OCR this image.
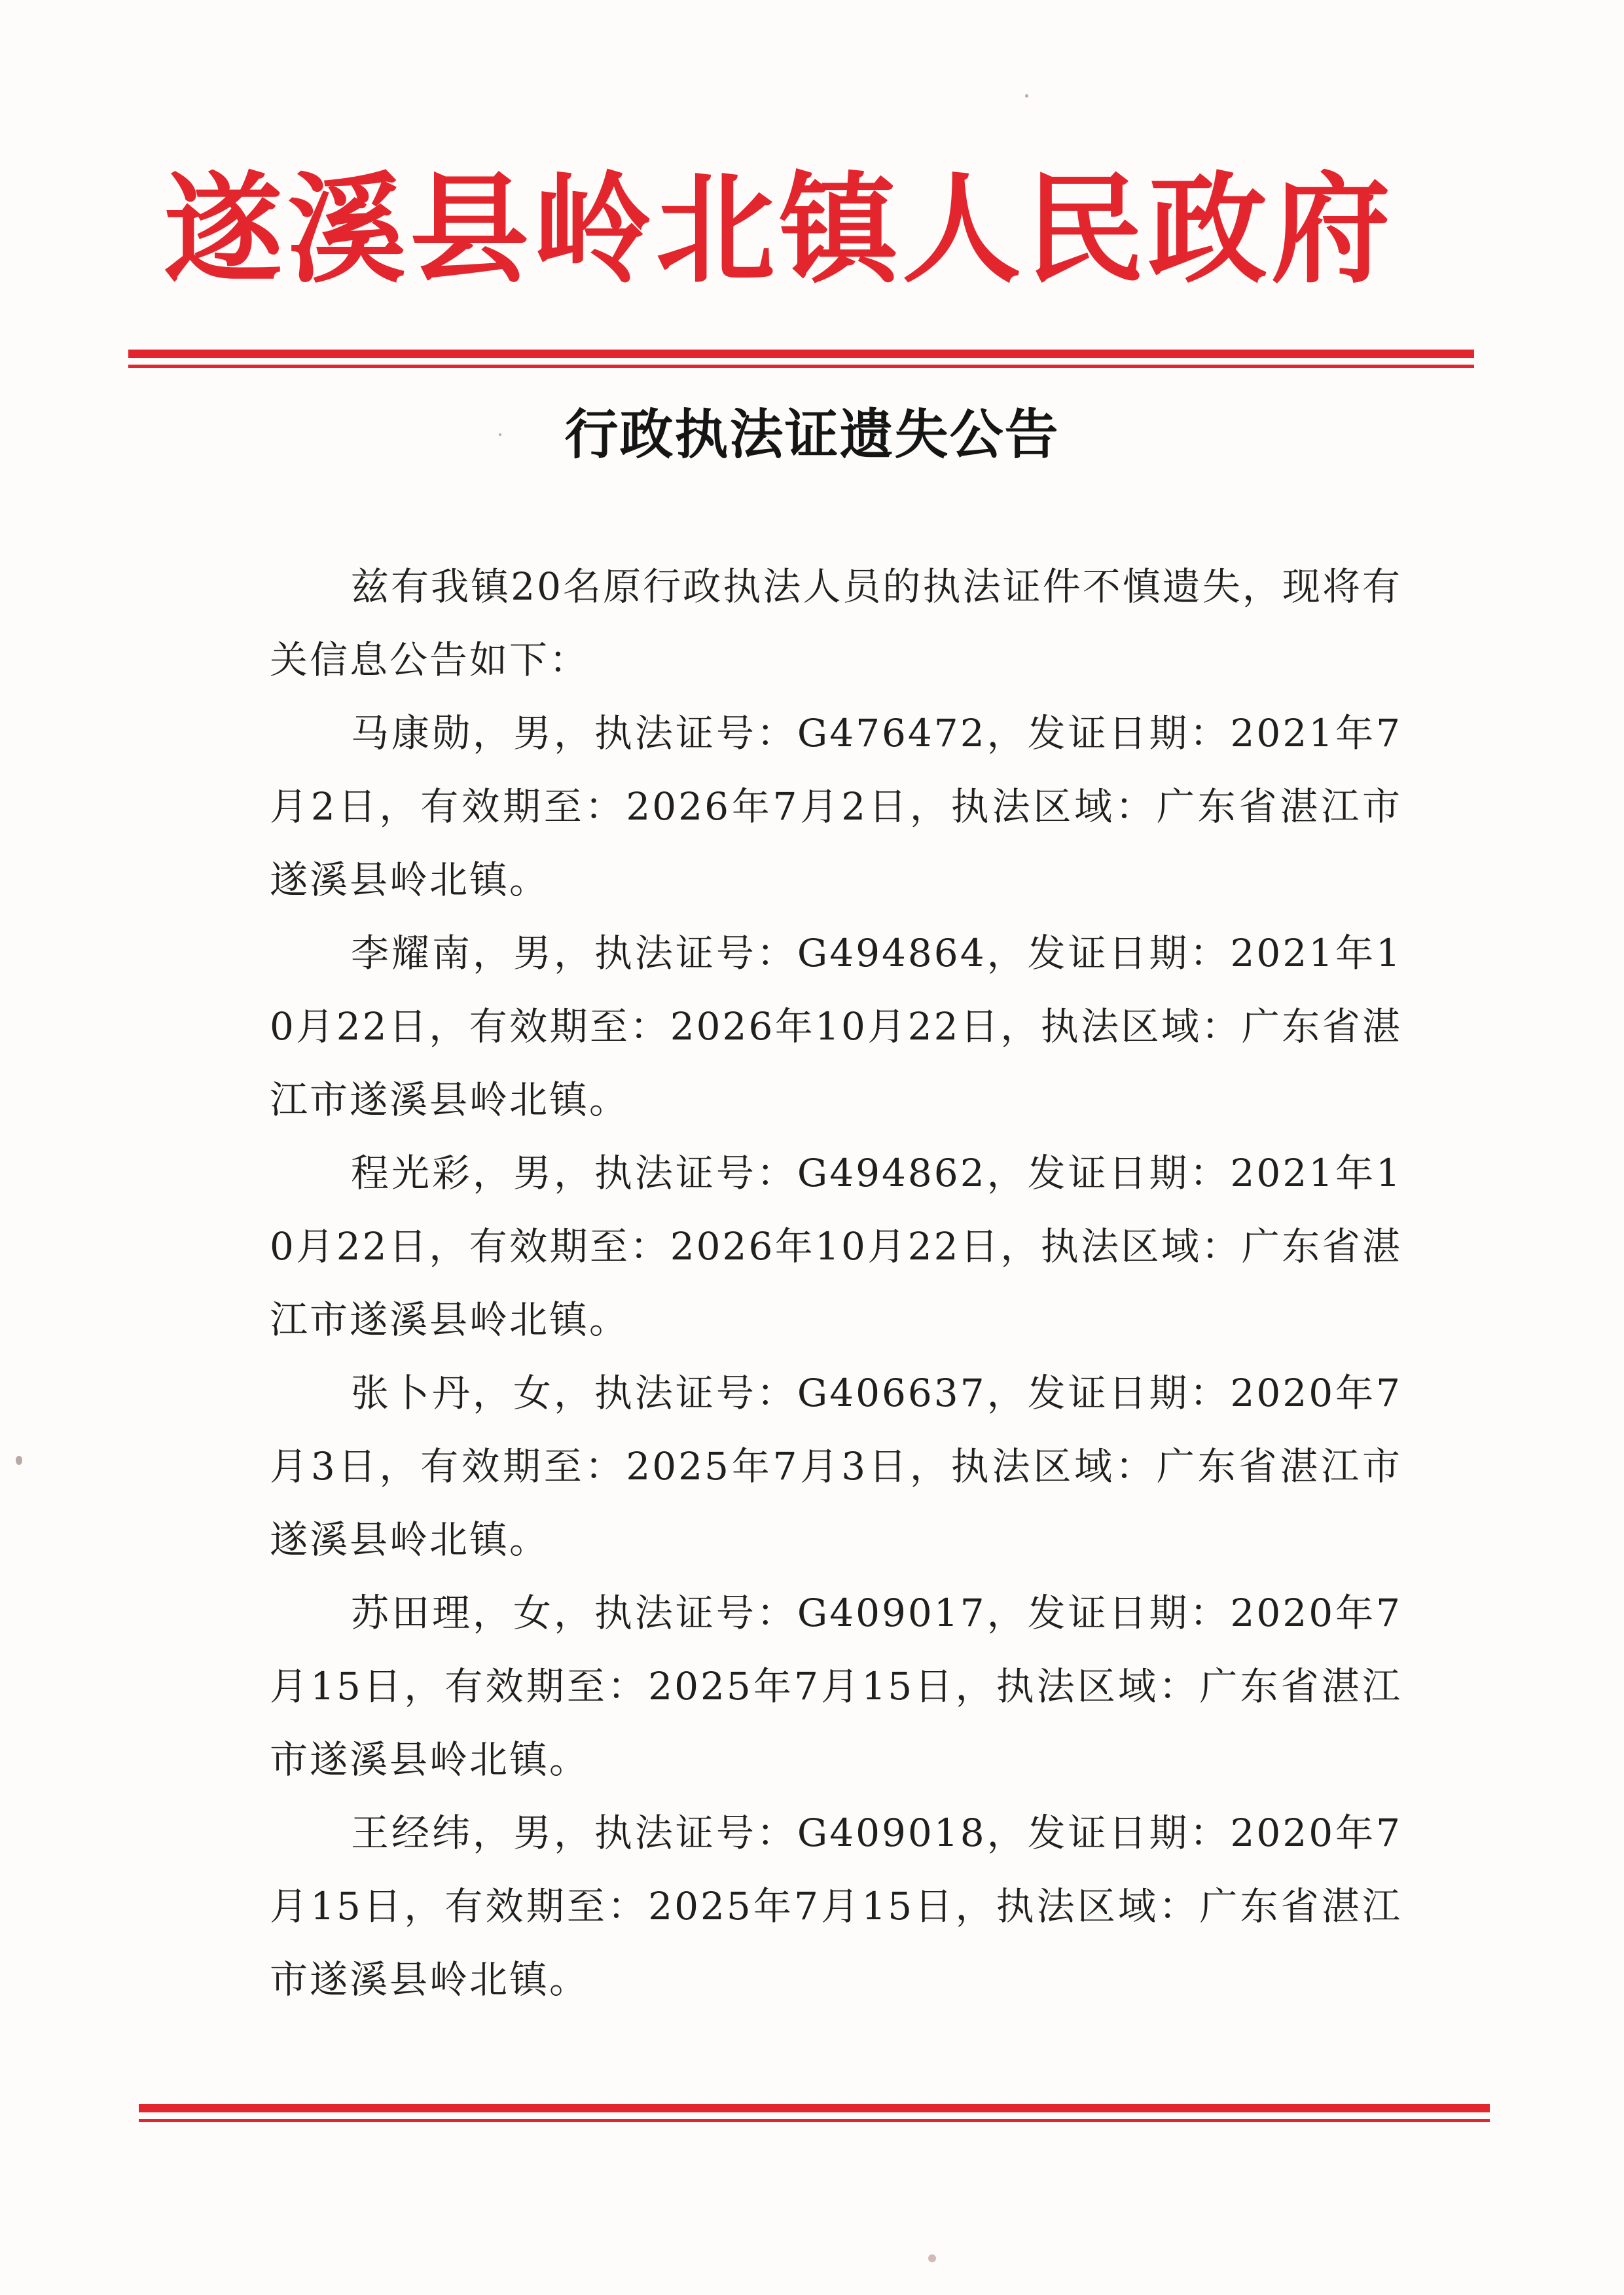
遂溪县岭北镇人民政府
行政执法证遗失公告

兹有我镇20名原行政执法人员的执法证件不慎遗失，现将有关信息公告如下：

马康勋，男，执法证号：G476472，发证日期：2021年7月2日，有效期至：2026年7月2日，执法区域：广东省湛江市遂溪县岭北镇。

李耀南，男，执法证号：G494864，发证日期：2021年10月22日，有效期至：2026年10月22日，执法区域：广东省湛江市遂溪县岭北镇。

程光彩，男，执法证号：G494862，发证日期：2021年10月22日，有效期至：2026年10月22日，执法区域：广东省湛江市遂溪县岭北镇。

张卜丹，女，执法证号：G406637，发证日期：2020年7月3日，有效期至：2025年7月3日，执法区域：广东省湛江市遂溪县岭北镇。

苏田理，女，执法证号：G409017，发证日期：2020年7月15日，有效期至：2025年7月15日，执法区域：广东省湛江市遂溪县岭北镇。

王经纬，男，执法证号：G409018，发证日期：2020年7月15日，有效期至：2025年7月15日，执法区域：广东省湛江市遂溪县岭北镇。
